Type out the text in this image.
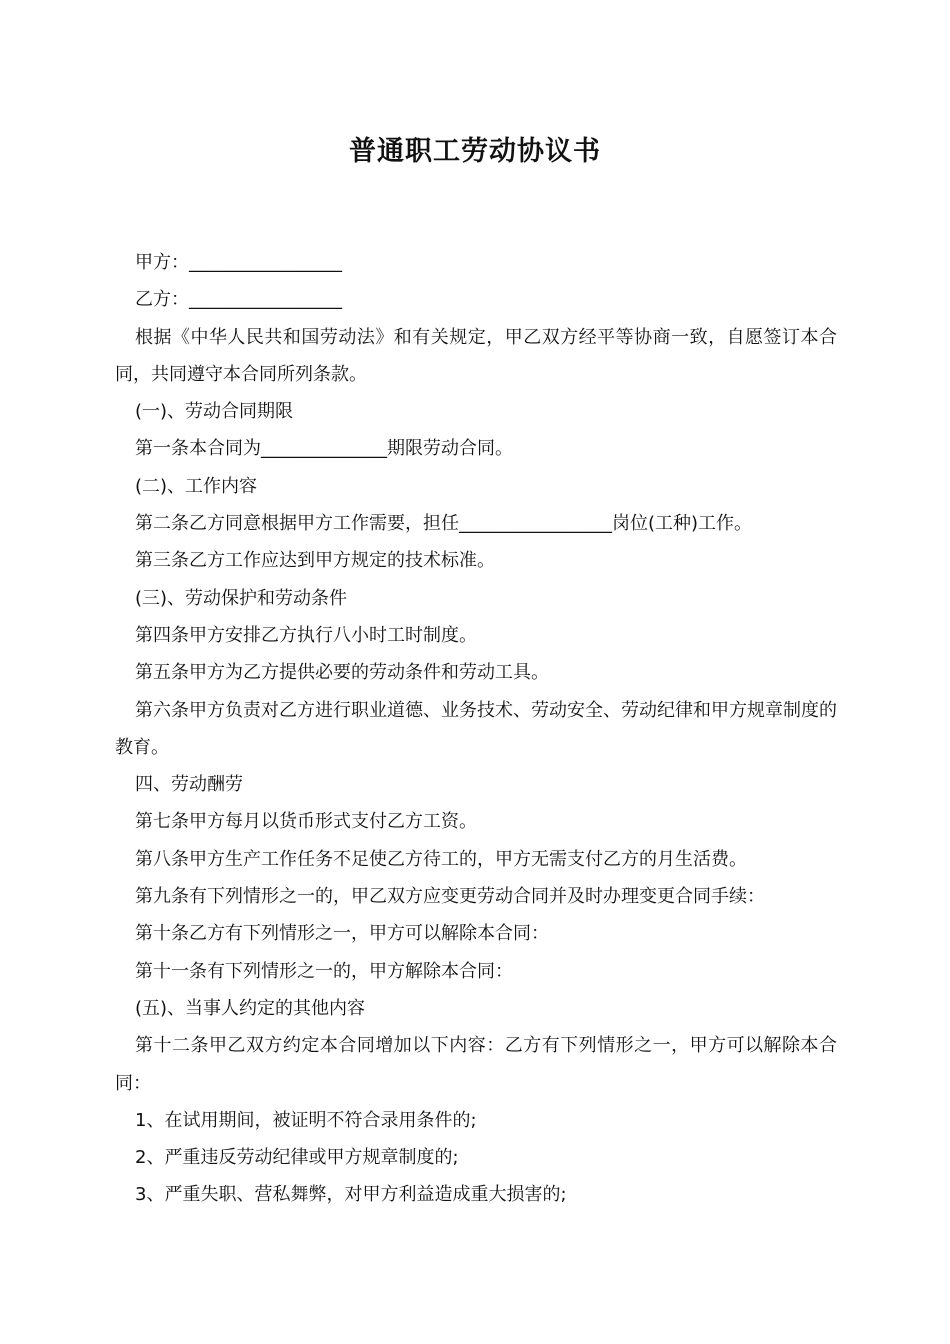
普通职工劳动协议书

甲方：_________________

乙方：_________________

根据《中华人民共和国劳动法》和有关规定，甲乙双方经平等协商一致，自愿签订本合同，共同遵守本合同所列条款。

(一)、劳动合同期限

第一条本合同为______________期限劳动合同。

(二)、工作内容

第二条乙方同意根据甲方工作需要，担任_________________岗位(工种)工作。

第三条乙方工作应达到甲方规定的技术标准。

(三)、劳动保护和劳动条件

第四条甲方安排乙方执行八小时工时制度。

第五条甲方为乙方提供必要的劳动条件和劳动工具。

第六条甲方负责对乙方进行职业道德、业务技术、劳动安全、劳动纪律和甲方规章制度的教育。

四、劳动酬劳

第七条甲方每月以货币形式支付乙方工资。

第八条甲方生产工作任务不足使乙方待工的，甲方无需支付乙方的月生活费。

第九条有下列情形之一的，甲乙双方应变更劳动合同并及时办理变更合同手续：

第十条乙方有下列情形之一，甲方可以解除本合同：

第十一条有下列情形之一的，甲方解除本合同：

(五)、当事人约定的其他内容

第十二条甲乙双方约定本合同增加以下内容：乙方有下列情形之一，甲方可以解除本合同：

1、在试用期间，被证明不符合录用条件的;

2、严重违反劳动纪律或甲方规章制度的;

3、严重失职、营私舞弊，对甲方利益造成重大损害的;
